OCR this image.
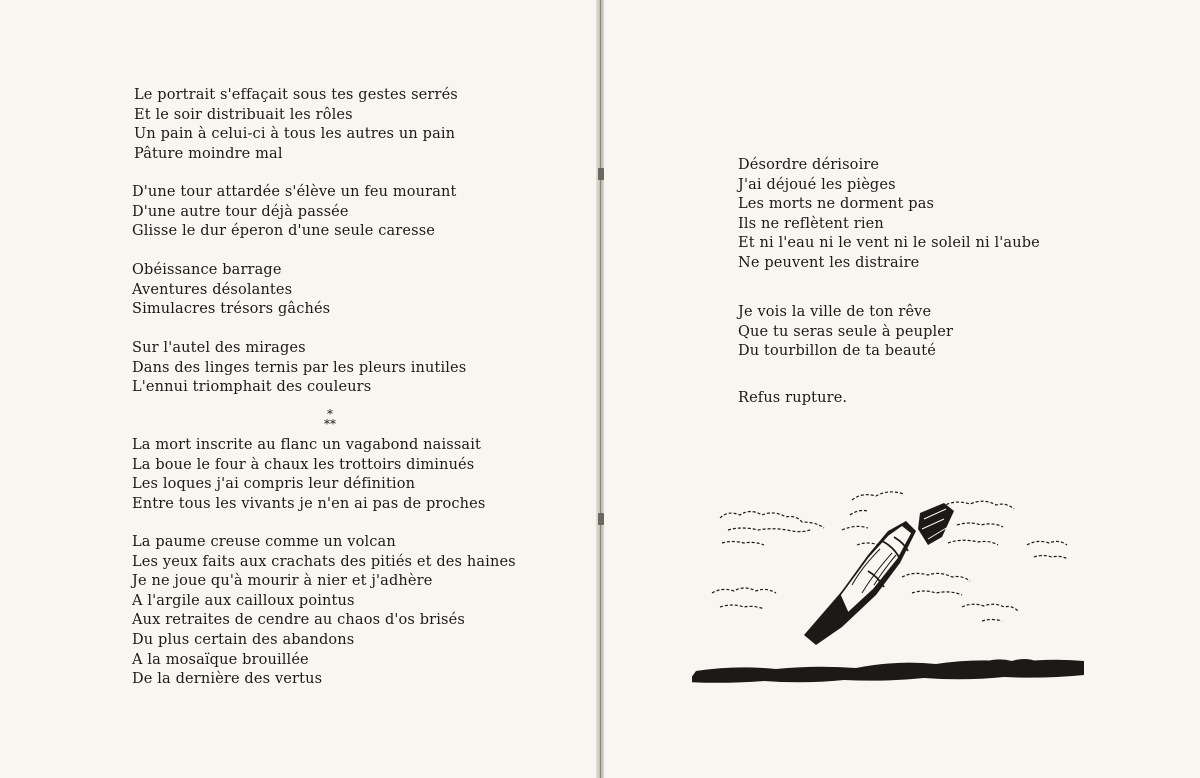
Le portrait s'effaçait sous tes gestes serrés
Et le soir distribuait les rôles
Un pain à celui-ci à tous les autres un pain
Pâture moindre mal
D'une tour attardée s'élève un feu mourant
D'une autre tour déjà passée
Glisse le dur éperon d'une seule caresse
Obéissance barrage
Aventures désolantes
Simulacres trésors gâchés
Sur l'autel des mirages
Dans des linges ternis par les pleurs inutiles
L'ennui triomphait des couleurs
*
**
La mort inscrite au flanc un vagabond naissait
La boue le four à chaux les trottoirs diminués
Les loques j'ai compris leur définition
Entre tous les vivants je n'en ai pas de proches
La paume creuse comme un volcan
Les yeux faits aux crachats des pitiés et des haines
Je ne joue qu'à mourir à nier et j'adhère
A l'argile aux cailloux pointus
Aux retraites de cendre au chaos d'os brisés
Du plus certain des abandons
A la mosaïque brouillée
De la dernière des vertus
Désordre dérisoire
J'ai déjoué les pièges
Les morts ne dorment pas
Ils ne reflètent rien
Et ni l'eau ni le vent ni le soleil ni l'aube
Ne peuvent les distraire
Je vois la ville de ton rêve
Que tu seras seule à peupler
Du tourbillon de ta beauté
Refus rupture.
